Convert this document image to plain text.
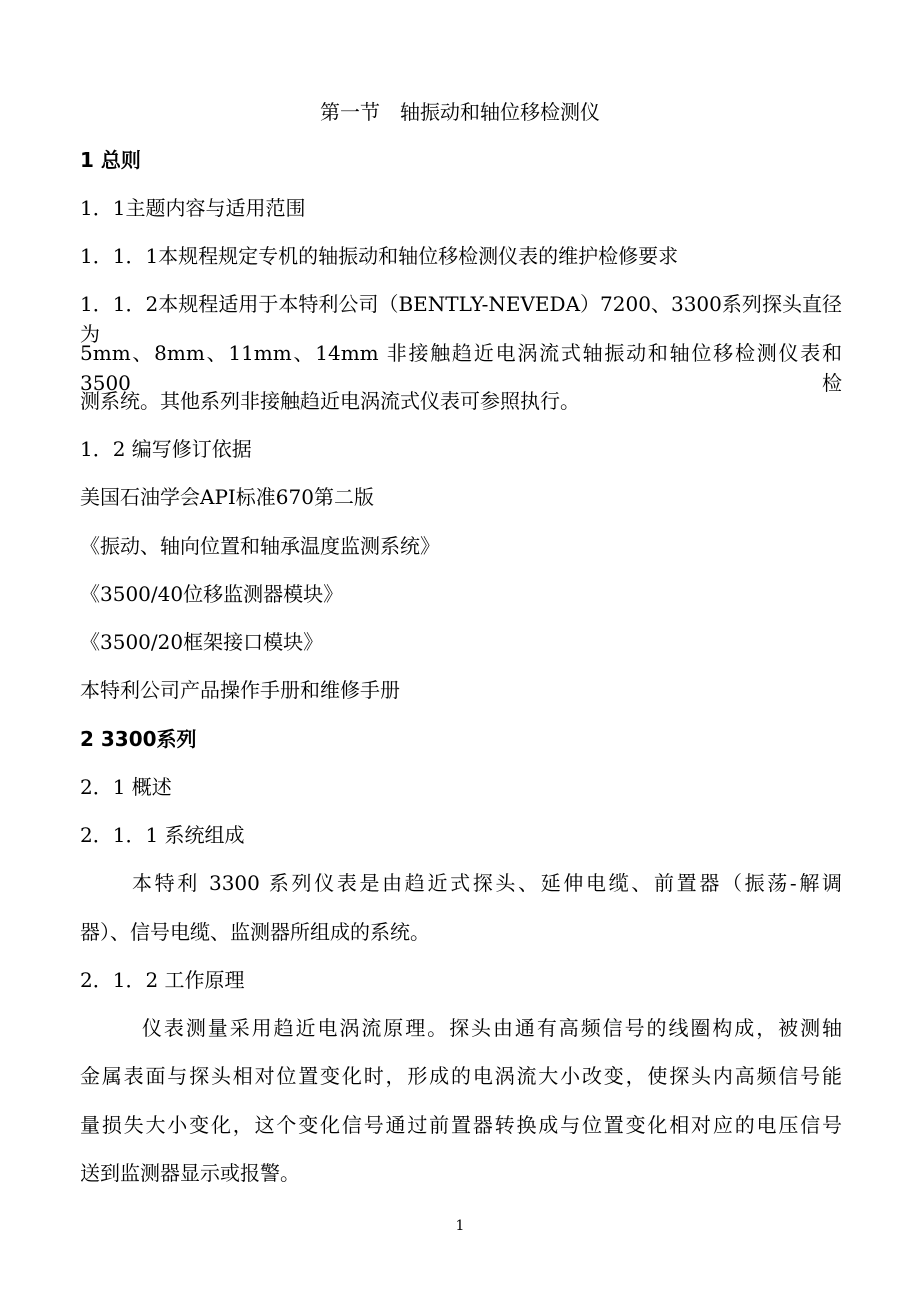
第一节　轴振动和轴位移检测仪
1 总则
1．1主题内容与适用范围
1．1．1本规程规定专机的轴振动和轴位移检测仪表的维护检修要求
1．1．2本规程适用于本特利公司（BENTLY-NEVEDA）7200、3300系列探头直径为
5mm、8mm、11mm、14mm 非接触趋近电涡流式轴振动和轴位移检测仪表和 3500 检
测系统。其他系列非接触趋近电涡流式仪表可参照执行。
1．2 编写修订依据
美国石油学会API标准670第二版
《振动、轴向位置和轴承温度监测系统》
《3500/40位移监测器模块》
《3500/20框架接口模块》
本特利公司产品操作手册和维修手册
2 3300系列
2．1 概述
2．1．1 系统组成
本特利 3300 系列仪表是由趋近式探头、延伸电缆、前置器（振荡-解调
器）、信号电缆、监测器所组成的系统。
2．1．2 工作原理
仪表测量采用趋近电涡流原理。探头由通有高频信号的线圈构成，被测轴
金属表面与探头相对位置变化时，形成的电涡流大小改变，使探头内高频信号能
量损失大小变化，这个变化信号通过前置器转换成与位置变化相对应的电压信号
送到监测器显示或报警。
1
